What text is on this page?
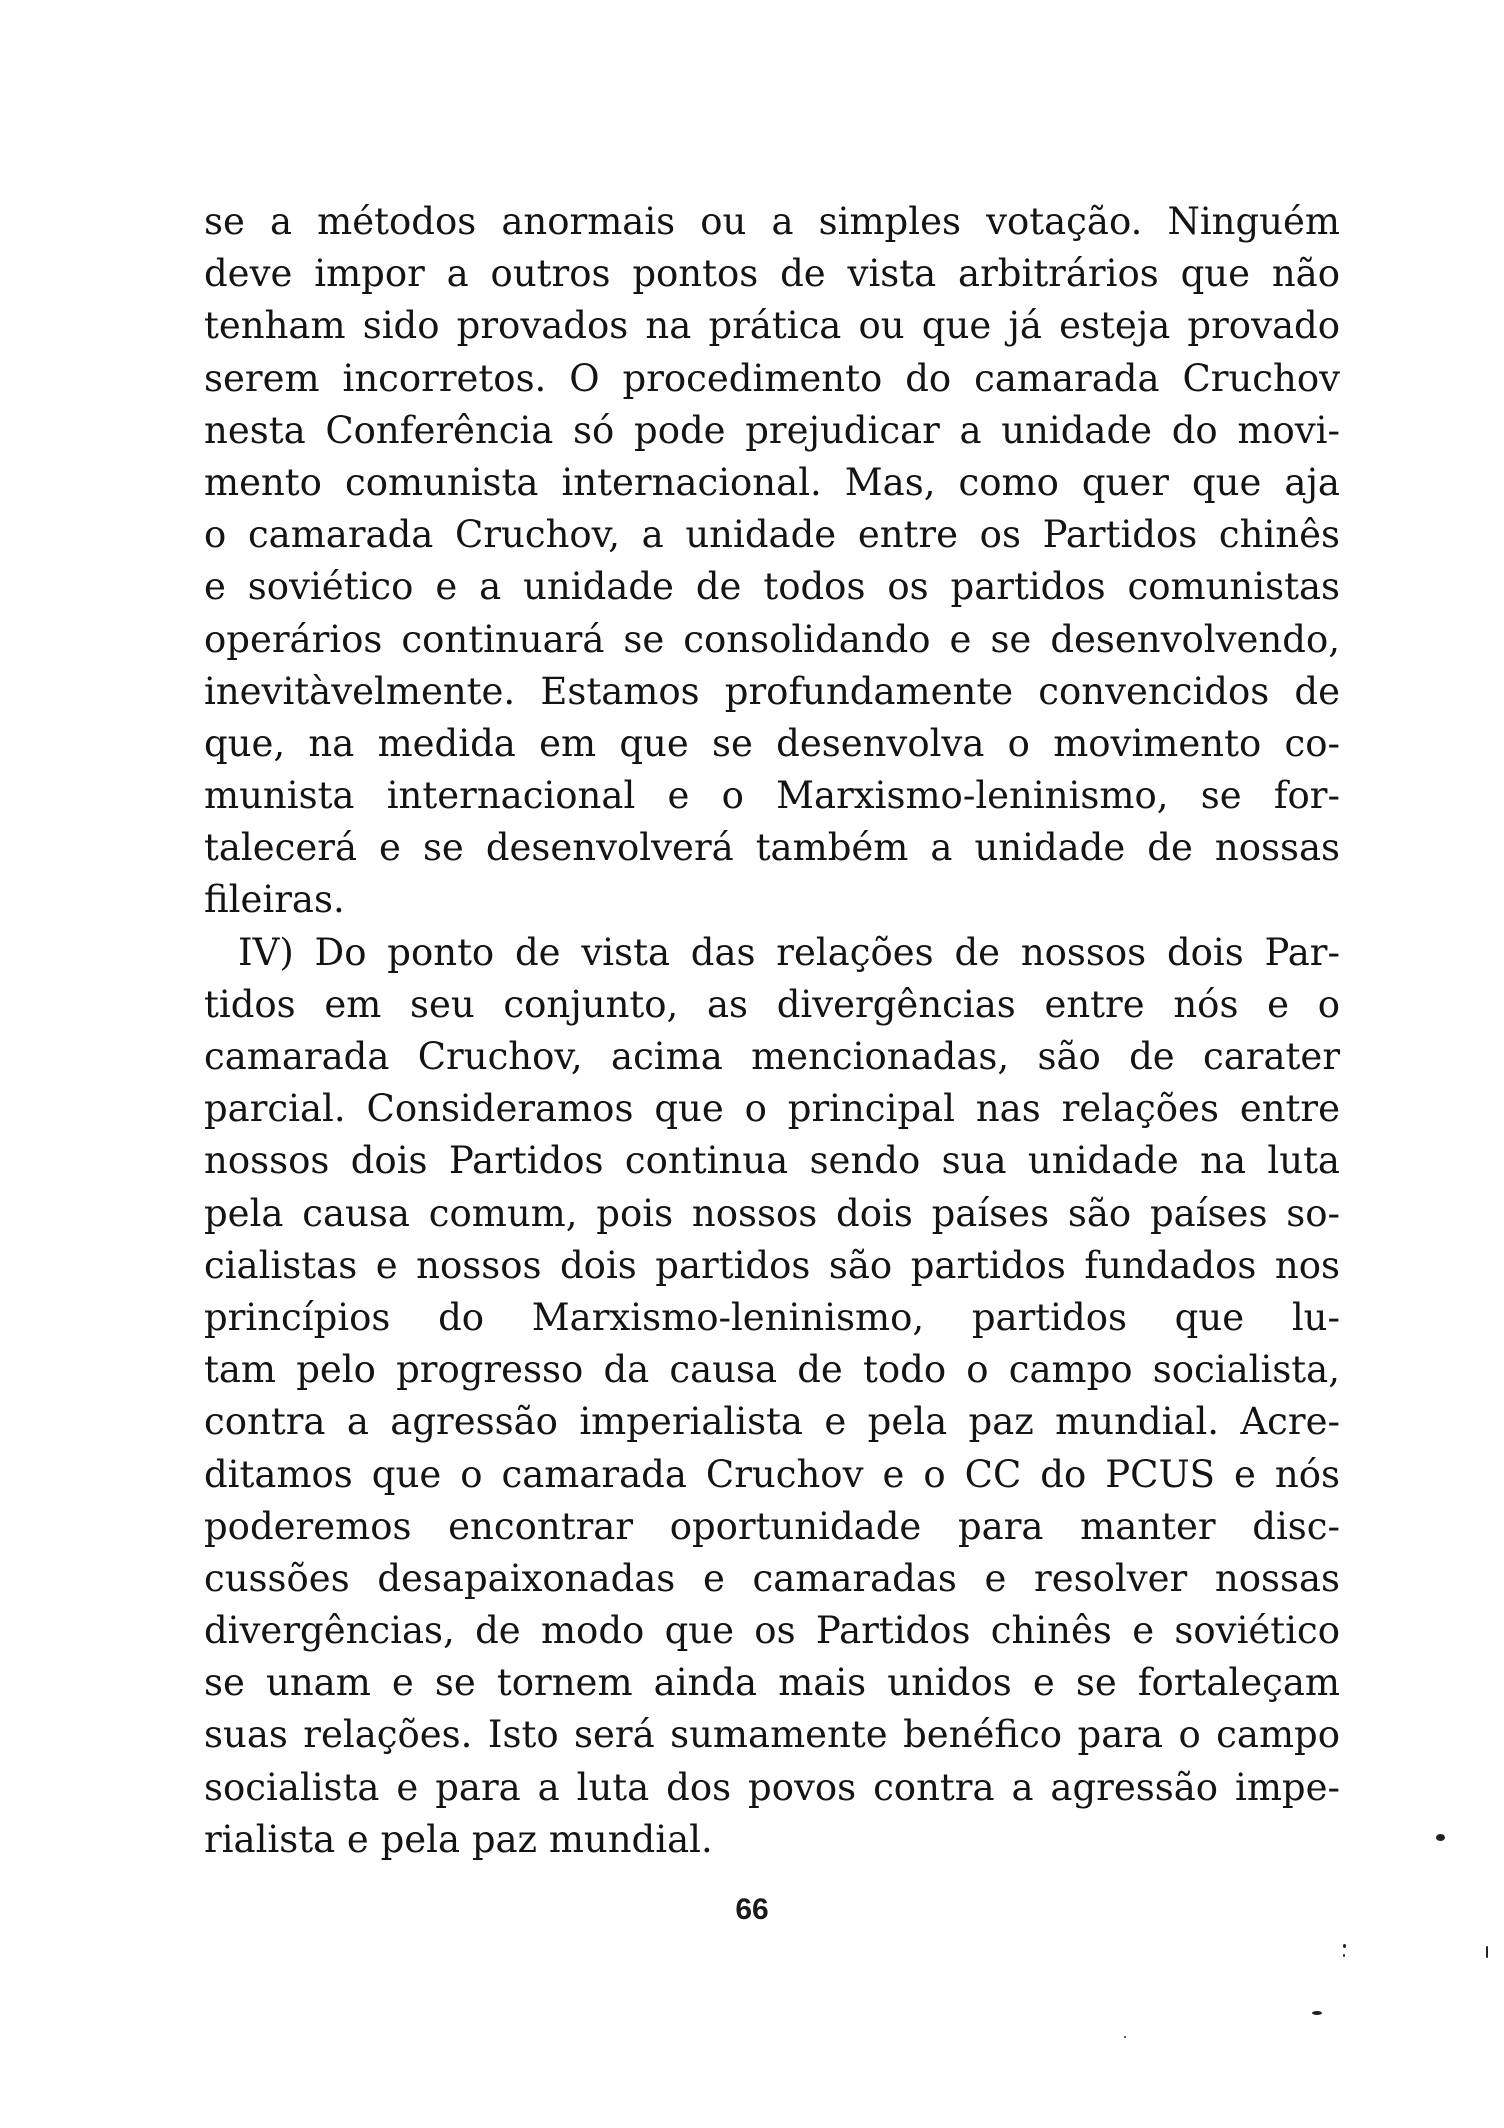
se a métodos anormais ou a simples votação. Ninguém
deve impor a outros pontos de vista arbitrários que não
tenham sido provados na prática ou que já esteja provado
serem incorretos. O procedimento do camarada Cruchov
nesta Conferência só pode prejudicar a unidade do movi-
mento comunista internacional. Mas, como quer que aja
o camarada Cruchov, a unidade entre os Partidos chinês
e soviético e a unidade de todos os partidos comunistas
operários continuará se consolidando e se desenvolvendo,
inevitàvelmente. Estamos profundamente convencidos de
que, na medida em que se desenvolva o movimento co-
munista internacional e o Marxismo-leninismo, se for-
talecerá e se desenvolverá também a unidade de nossas
fileiras.
IV) Do ponto de vista das relações de nossos dois Par-
tidos em seu conjunto, as divergências entre nós e o
camarada Cruchov, acima mencionadas, são de carater
parcial. Consideramos que o principal nas relações entre
nossos dois Partidos continua sendo sua unidade na luta
pela causa comum, pois nossos dois países são países so-
cialistas e nossos dois partidos são partidos fundados nos
princípios do Marxismo-leninismo, partidos que lu-
tam pelo progresso da causa de todo o campo socialista,
contra a agressão imperialista e pela paz mundial. Acre-
ditamos que o camarada Cruchov e o CC do PCUS e nós
poderemos encontrar oportunidade para manter disc-
cussões desapaixonadas e camaradas e resolver nossas
divergências, de modo que os Partidos chinês e soviético
se unam e se tornem ainda mais unidos e se fortaleçam
suas relações. Isto será sumamente benéfico para o campo
socialista e para a luta dos povos contra a agressão impe-
rialista e pela paz mundial.
66
